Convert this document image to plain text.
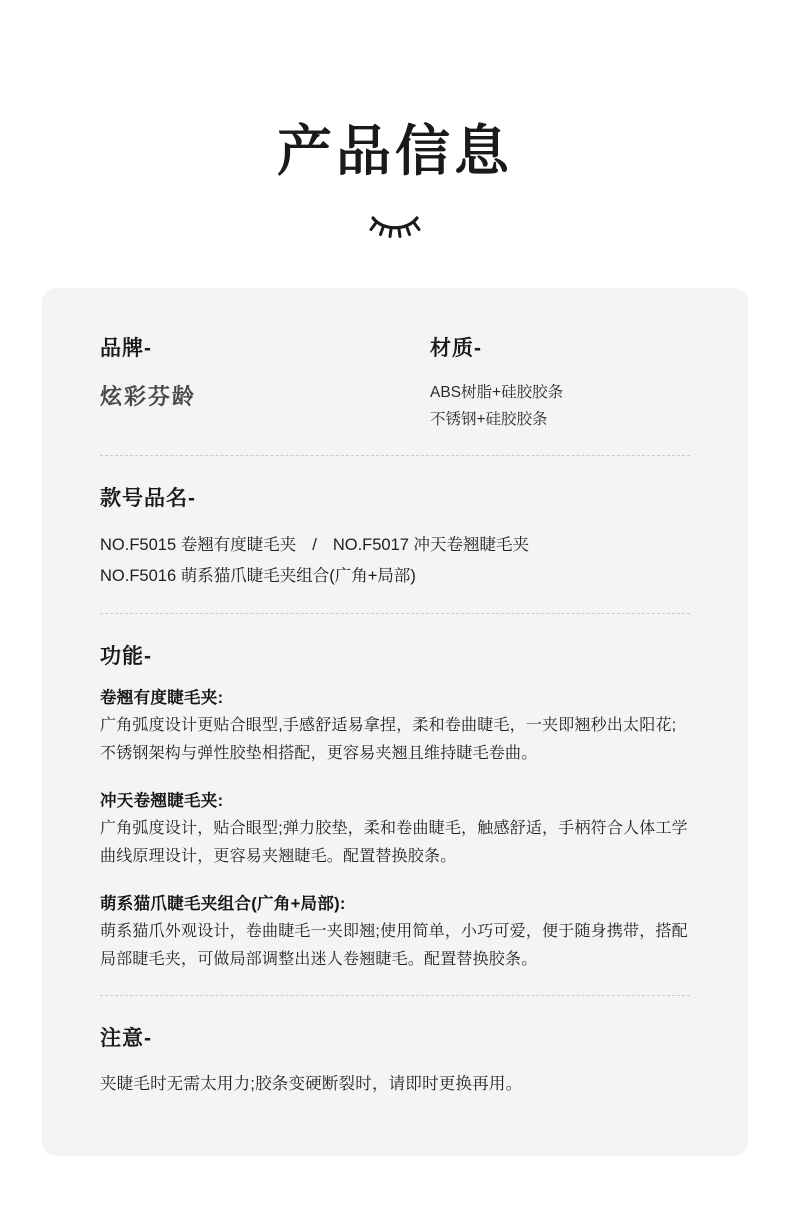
产品信息

品牌-

炫彩芬龄

材质-

ABS树脂+硅胶胶条

不锈钢+硅胶胶条

款号品名-

NO.F5015 卷翘有度睫毛夹 / NO.F5017 冲天卷翘睫毛夹

NO.F5016 萌系猫爪睫毛夹组合(广角+局部)

功能-

卷翘有度睫毛夹:

广角弧度设计更贴合眼型,手感舒适易拿捏，柔和卷曲睫毛，一夹即翘秒出太阳花;不锈钢架构与弹性胶垫相搭配，更容易夹翘且维持睫毛卷曲。

冲天卷翘睫毛夹:

广角弧度设计，贴合眼型;弹力胶垫，柔和卷曲睫毛，触感舒适，手柄符合人体工学曲线原理设计，更容易夹翘睫毛。配置替换胶条。

萌系猫爪睫毛夹组合(广角+局部):

萌系猫爪外观设计，卷曲睫毛一夹即翘;使用简单，小巧可爱，便于随身携带，搭配局部睫毛夹，可做局部调整出迷人卷翘睫毛。配置替换胶条。

注意-

夹睫毛时无需太用力;胶条变硬断裂时，请即时更换再用。
